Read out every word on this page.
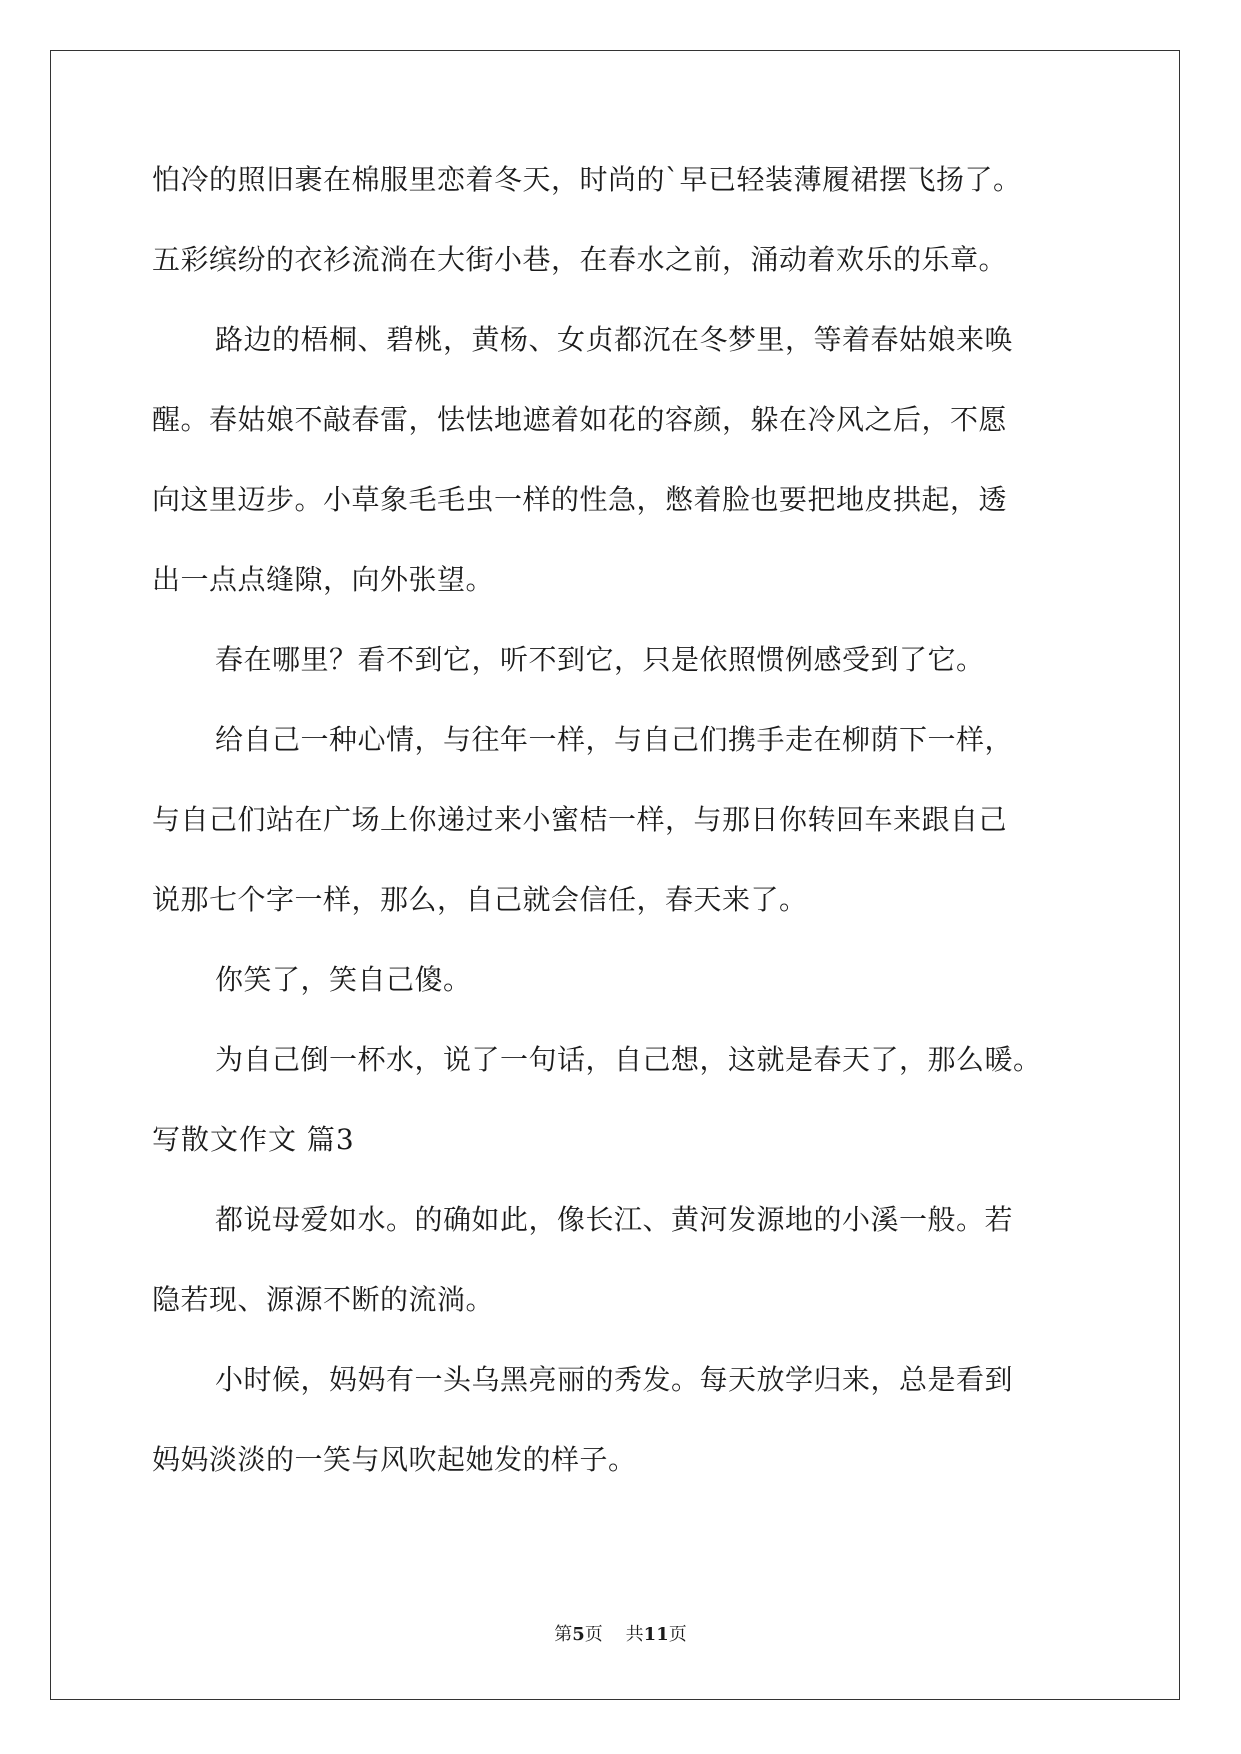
怕冷的照旧裹在棉服里恋着冬天，时尚的`早已轻装薄履裙摆飞扬了。
五彩缤纷的衣衫流淌在大街小巷，在春水之前，涌动着欢乐的乐章。
路边的梧桐、碧桃，黄杨、女贞都沉在冬梦里，等着春姑娘来唤
醒。春姑娘不敲春雷，怯怯地遮着如花的容颜，躲在冷风之后，不愿
向这里迈步。小草象毛毛虫一样的性急，憋着脸也要把地皮拱起，透
出一点点缝隙，向外张望。
春在哪里？看不到它，听不到它，只是依照惯例感受到了它。
给自己一种心情，与往年一样，与自己们携手走在柳荫下一样，
与自己们站在广场上你递过来小蜜桔一样，与那日你转回车来跟自己
说那七个字一样，那么，自己就会信任，春天来了。
你笑了，笑自己傻。
为自己倒一杯水，说了一句话，自己想，这就是春天了，那么暖。
写散文作文 篇3
都说母爱如水。的确如此，像长江、黄河发源地的小溪一般。若
隐若现、源源不断的流淌。
小时候，妈妈有一头乌黑亮丽的秀发。每天放学归来，总是看到
妈妈淡淡的一笑与风吹起她发的样子。
第5页 共11页
